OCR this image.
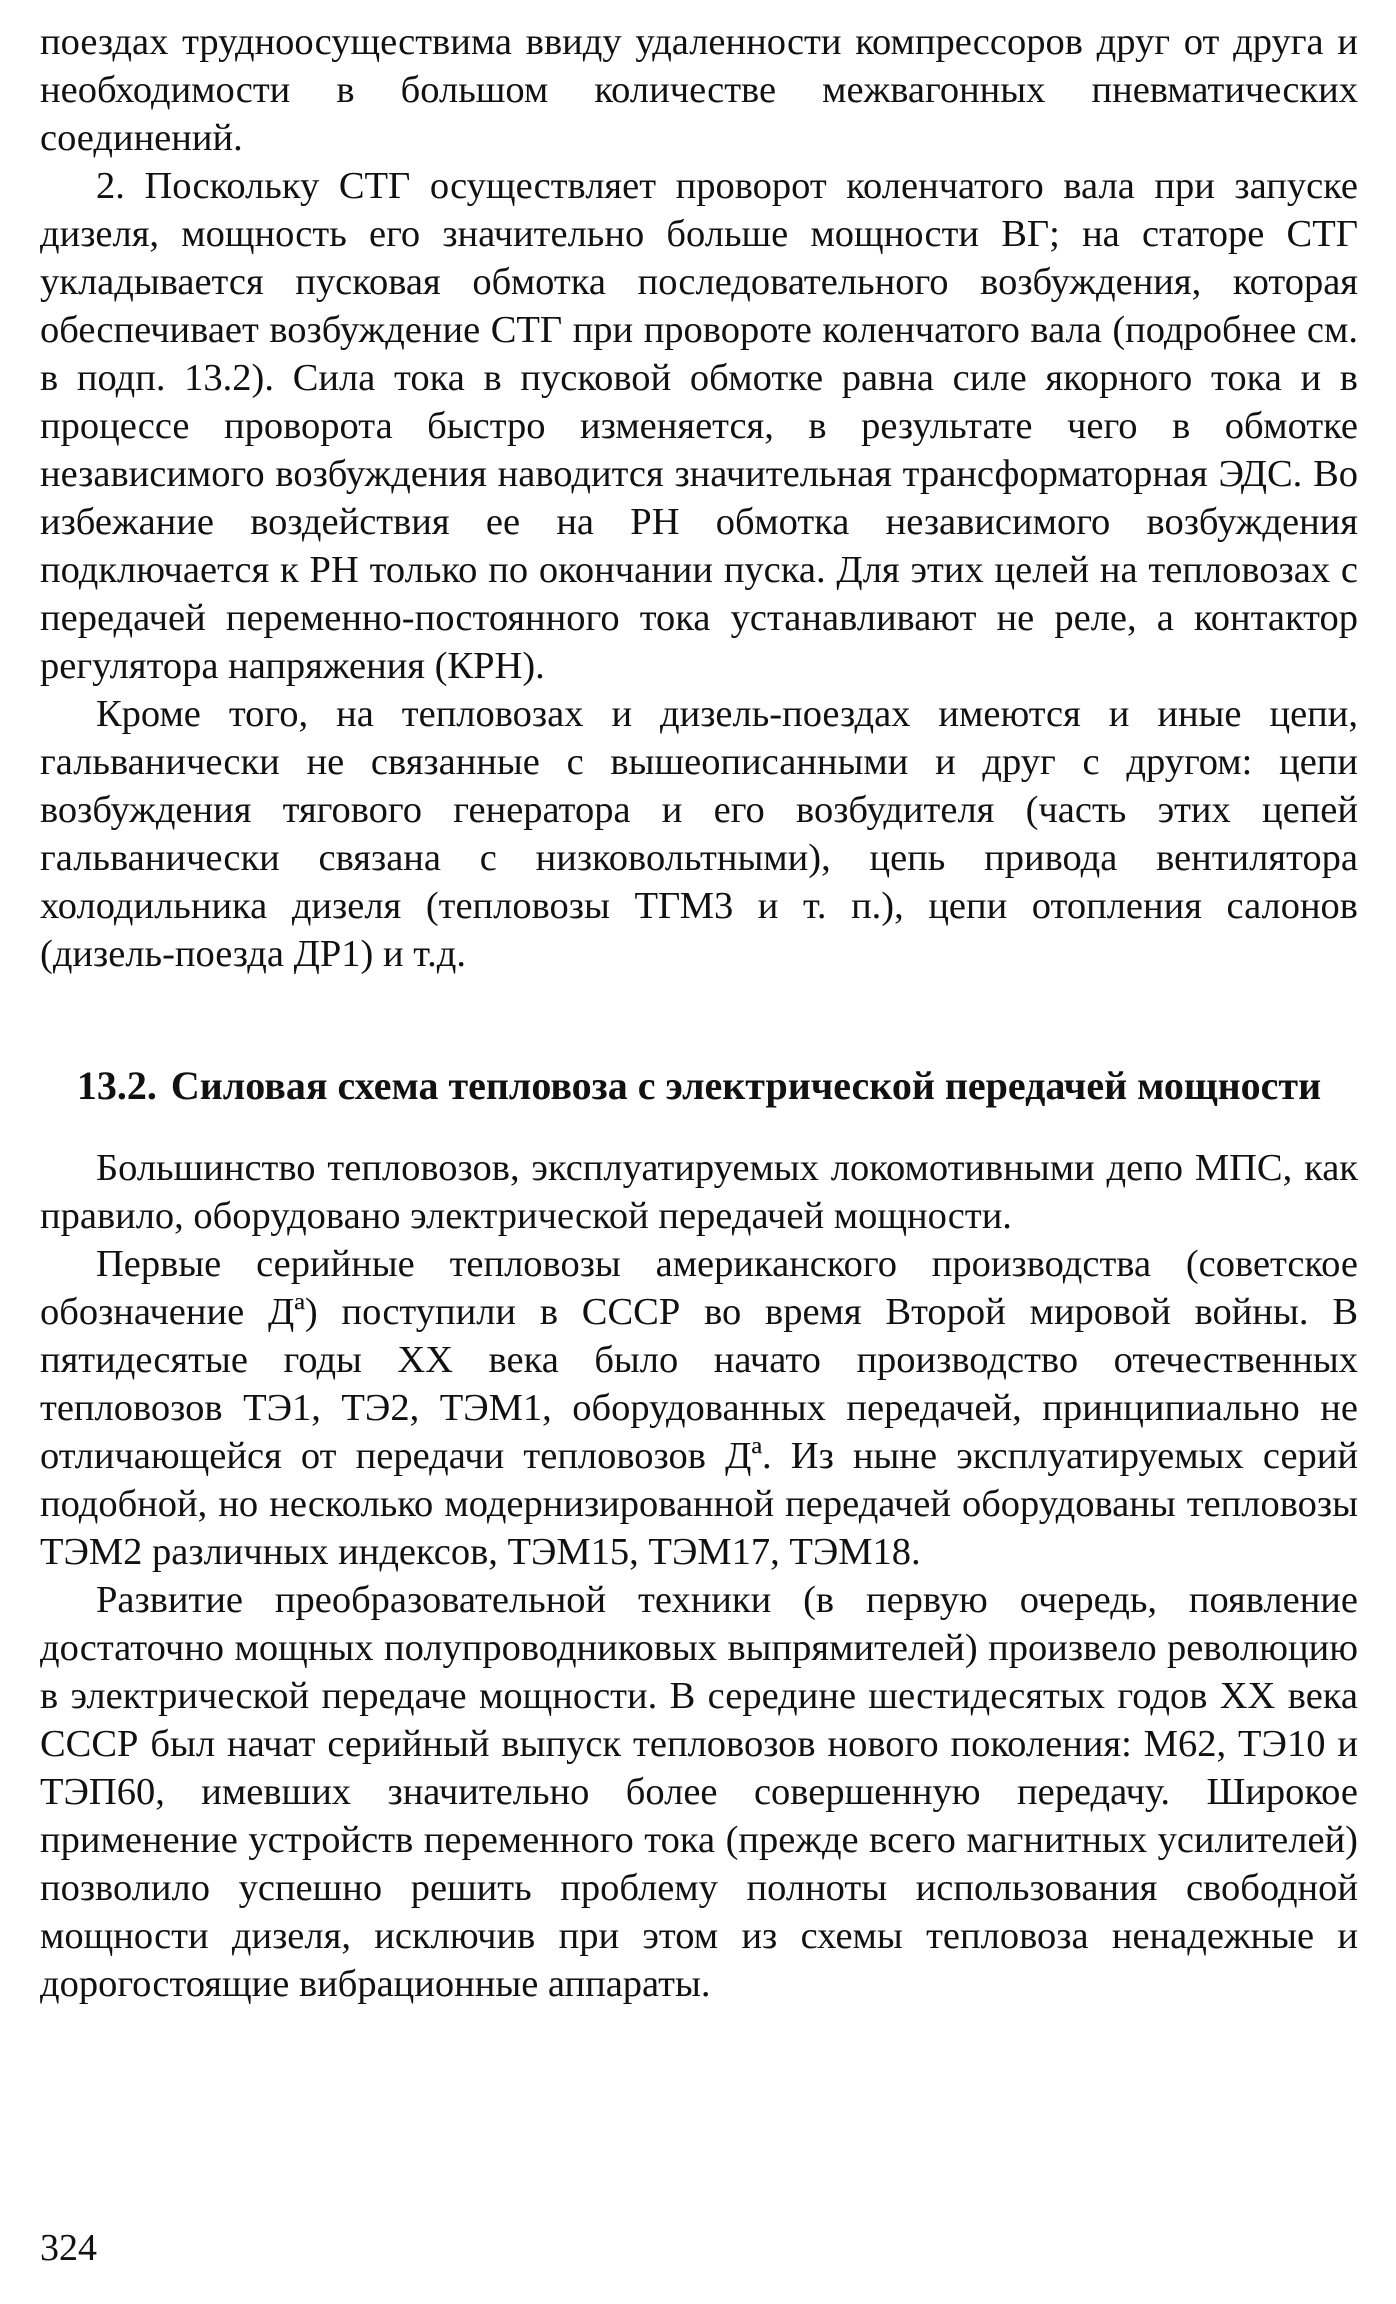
поездах трудноосуществима ввиду удаленности компрессоров друг от друга и необходимости в большом количестве межвагонных пневматических соединений.

2. Поскольку СТГ осуществляет проворот коленчатого вала при запуске дизеля, мощность его значительно больше мощности ВГ; на статоре СТГ укладывается пусковая обмотка последовательного возбуждения, которая обеспечивает возбуждение СТГ при провороте коленчатого вала (подробнее см. в подп. 13.2). Сила тока в пусковой обмотке равна силе якорного тока и в процессе проворота быстро изменяется, в результате чего в обмотке независимого возбуждения наводится значительная трансформаторная ЭДС. Во избежание воздействия ее на РН обмотка независимого возбуждения подключается к РН только по окончании пуска. Для этих целей на тепловозах с передачей переменно-постоянного тока устанавливают не реле, а контактор регулятора напряжения (КРН).

Кроме того, на тепловозах и дизель-поездах имеются и иные цепи, гальванически не связанные с вышеописанными и друг с другом: цепи возбуждения тягового генератора и его возбудителя (часть этих цепей гальванически связана с низковольтными), цепь привода вентилятора холодильника дизеля (тепловозы ТГМ3 и т. п.), цепи отопления салонов (дизель-поезда ДР1) и т.д.

13.2. Силовая схема тепловоза с электрической передачей мощности

Большинство тепловозов, эксплуатируемых локомотивными депо МПС, как правило, оборудовано электрической передачей мощности.

Первые серийные тепловозы американского производства (советское обозначение Дª) поступили в СССР во время Второй мировой войны. В пятидесятые годы XX века было начато производство отечественных тепловозов ТЭ1, ТЭ2, ТЭМ1, оборудованных передачей, принципиально не отличающейся от передачи тепловозов Дª. Из ныне эксплуатируемых серий подобной, но несколько модернизированной передачей оборудованы тепловозы ТЭМ2 различных индексов, ТЭМ15, ТЭМ17, ТЭМ18.

Развитие преобразовательной техники (в первую очередь, появление достаточно мощных полупроводниковых выпрямителей) произвело революцию в электрической передаче мощности. В середине шестидесятых годов XX века СССР был начат серийный выпуск тепловозов нового поколения: М62, ТЭ10 и ТЭП60, имевших значительно более совершенную передачу. Широкое применение устройств переменного тока (прежде всего магнитных усилителей) позволило успешно решить проблему полноты использования свободной мощности дизеля, исключив при этом из схемы тепловоза ненадежные и дорогостоящие вибрационные аппараты.

324
